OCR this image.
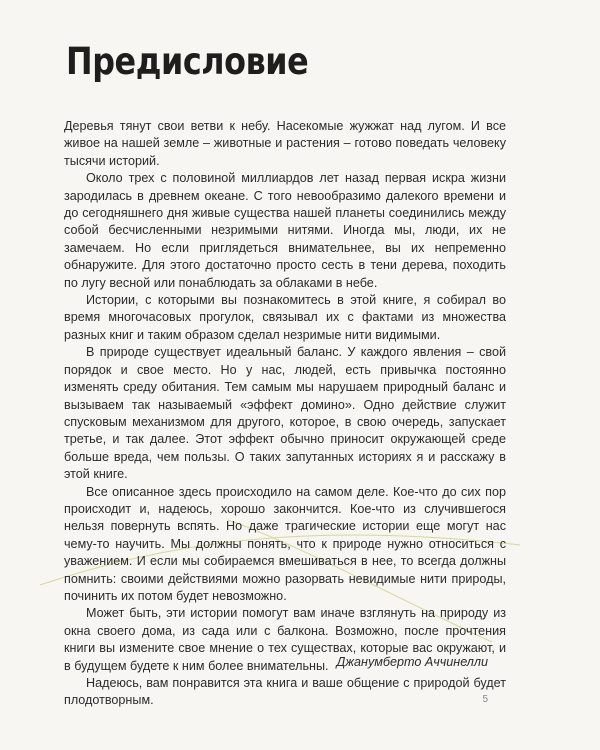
Предисловие

Деревья тянут свои ветви к небу. Насекомые жужжат над лугом. И все живое на нашей земле – животные и растения – готово поведать человеку тысячи историй.

Около трех с половиной миллиардов лет назад первая искра жизни зародилась в древнем океане. С того невообразимо далекого времени и до сегодняшнего дня живые существа нашей планеты соединились между собой бесчисленными незримыми нитями. Иногда мы, люди, их не замечаем. Но если приглядеться внимательнее, вы их непременно обнаружите. Для этого достаточно просто сесть в тени дерева, походить по лугу весной или понаблюдать за облаками в небе.

Истории, с которыми вы познакомитесь в этой книге, я собирал во время многочасовых прогулок, связывал их с фактами из множества разных книг и таким образом сделал незримые нити видимыми.

В природе существует идеальный баланс. У каждого явления – свой порядок и свое место. Но у нас, людей, есть привычка постоянно изменять среду обитания. Тем самым мы нарушаем природный баланс и вызываем так называемый «эффект домино». Одно действие служит спусковым механизмом для другого, которое, в свою очередь, запускает третье, и так далее. Этот эффект обычно приносит окружающей среде больше вреда, чем пользы. О таких запутанных историях я и расскажу в этой книге.

Все описанное здесь происходило на самом деле. Кое-что до сих пор происходит и, надеюсь, хорошо закончится. Кое-что из случившегося нельзя повернуть вспять. Но даже трагические истории еще могут нас чему-то научить. Мы должны понять, что к природе нужно относиться с уважением. И если мы собираемся вмешиваться в нее, то всегда должны помнить: своими действиями можно разорвать невидимые нити природы, починить их потом будет невозможно.

Может быть, эти истории помогут вам иначе взглянуть на природу из окна своего дома, из сада или с балкона. Возможно, после прочтения книги вы измените свое мнение о тех существах, которые вас окружают, и в будущем будете к ним более внимательны.

Надеюсь, вам понравится эта книга и ваше общение с природой будет плодотворным.

Джанумберто Аччинелли

5
